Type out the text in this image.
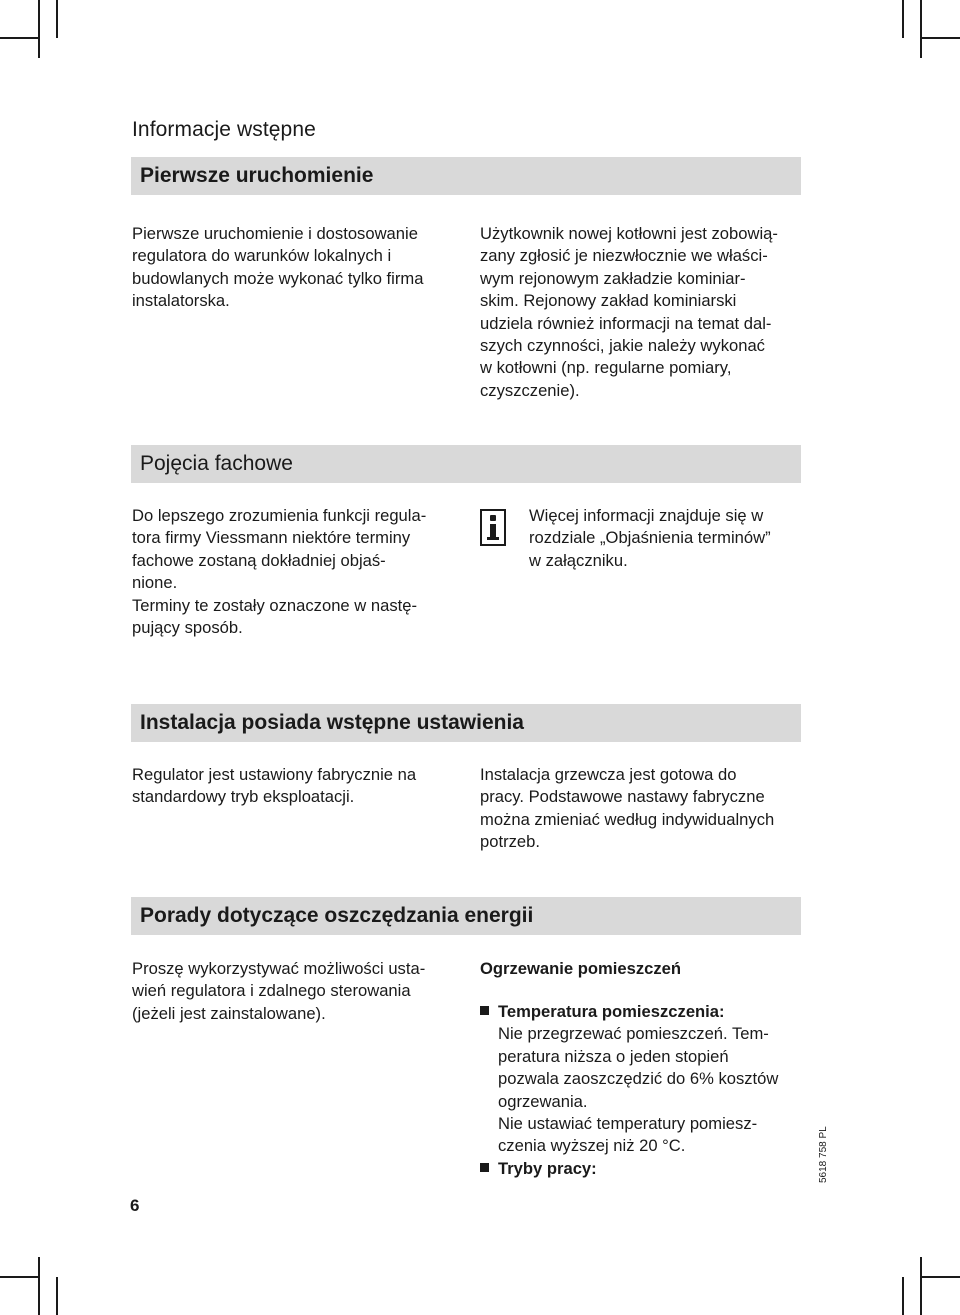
Informacje wstępne
Pierwsze uruchomienie

Pierwsze uruchomienie i dostosowanie

regulatora do warunków lokalnych i

budowlanych może wykonać tylko firma

instalatorska.

Użytkownik nowej kotłowni jest zobowią-

zany zgłosić je niezwłocznie we właści-

wym rejonowym zakładzie kominiar-

skim. Rejonowy zakład kominiarski

udziela również informacji na temat dal-

szych czynności, jakie należy wykonać

w kotłowni (np. regularne pomiary,

czyszczenie).

Pojęcia fachowe

Do lepszego zrozumienia funkcji regula-

tora firmy Viessmann niektóre terminy

fachowe zostaną dokładniej objaś-

nione.

Terminy te zostały oznaczone w nastę-

pujący sposób.

Więcej informacji znajduje się w

rozdziale „Objaśnienia terminów”

w załączniku.

Instalacja posiada wstępne ustawienia

Regulator jest ustawiony fabrycznie na

standardowy tryb eksploatacji.

Instalacja grzewcza jest gotowa do

pracy. Podstawowe nastawy fabryczne

można zmieniać według indywidualnych

potrzeb.

Porady dotyczące oszczędzania energii

Proszę wykorzystywać możliwości usta-

wień regulatora i zdalnego sterowania

(jeżeli jest zainstalowane).

Ogrzewanie pomieszczeń

Temperatura pomieszczenia:

Nie przegrzewać pomieszczeń. Tem-

peratura niższa o jeden stopień

pozwala zaoszczędzić do 6% kosztów

ogrzewania.

Nie ustawiać temperatury pomiesz-

czenia wyższej niż 20 °C.

Tryby pracy:

6
5618 758 PL
